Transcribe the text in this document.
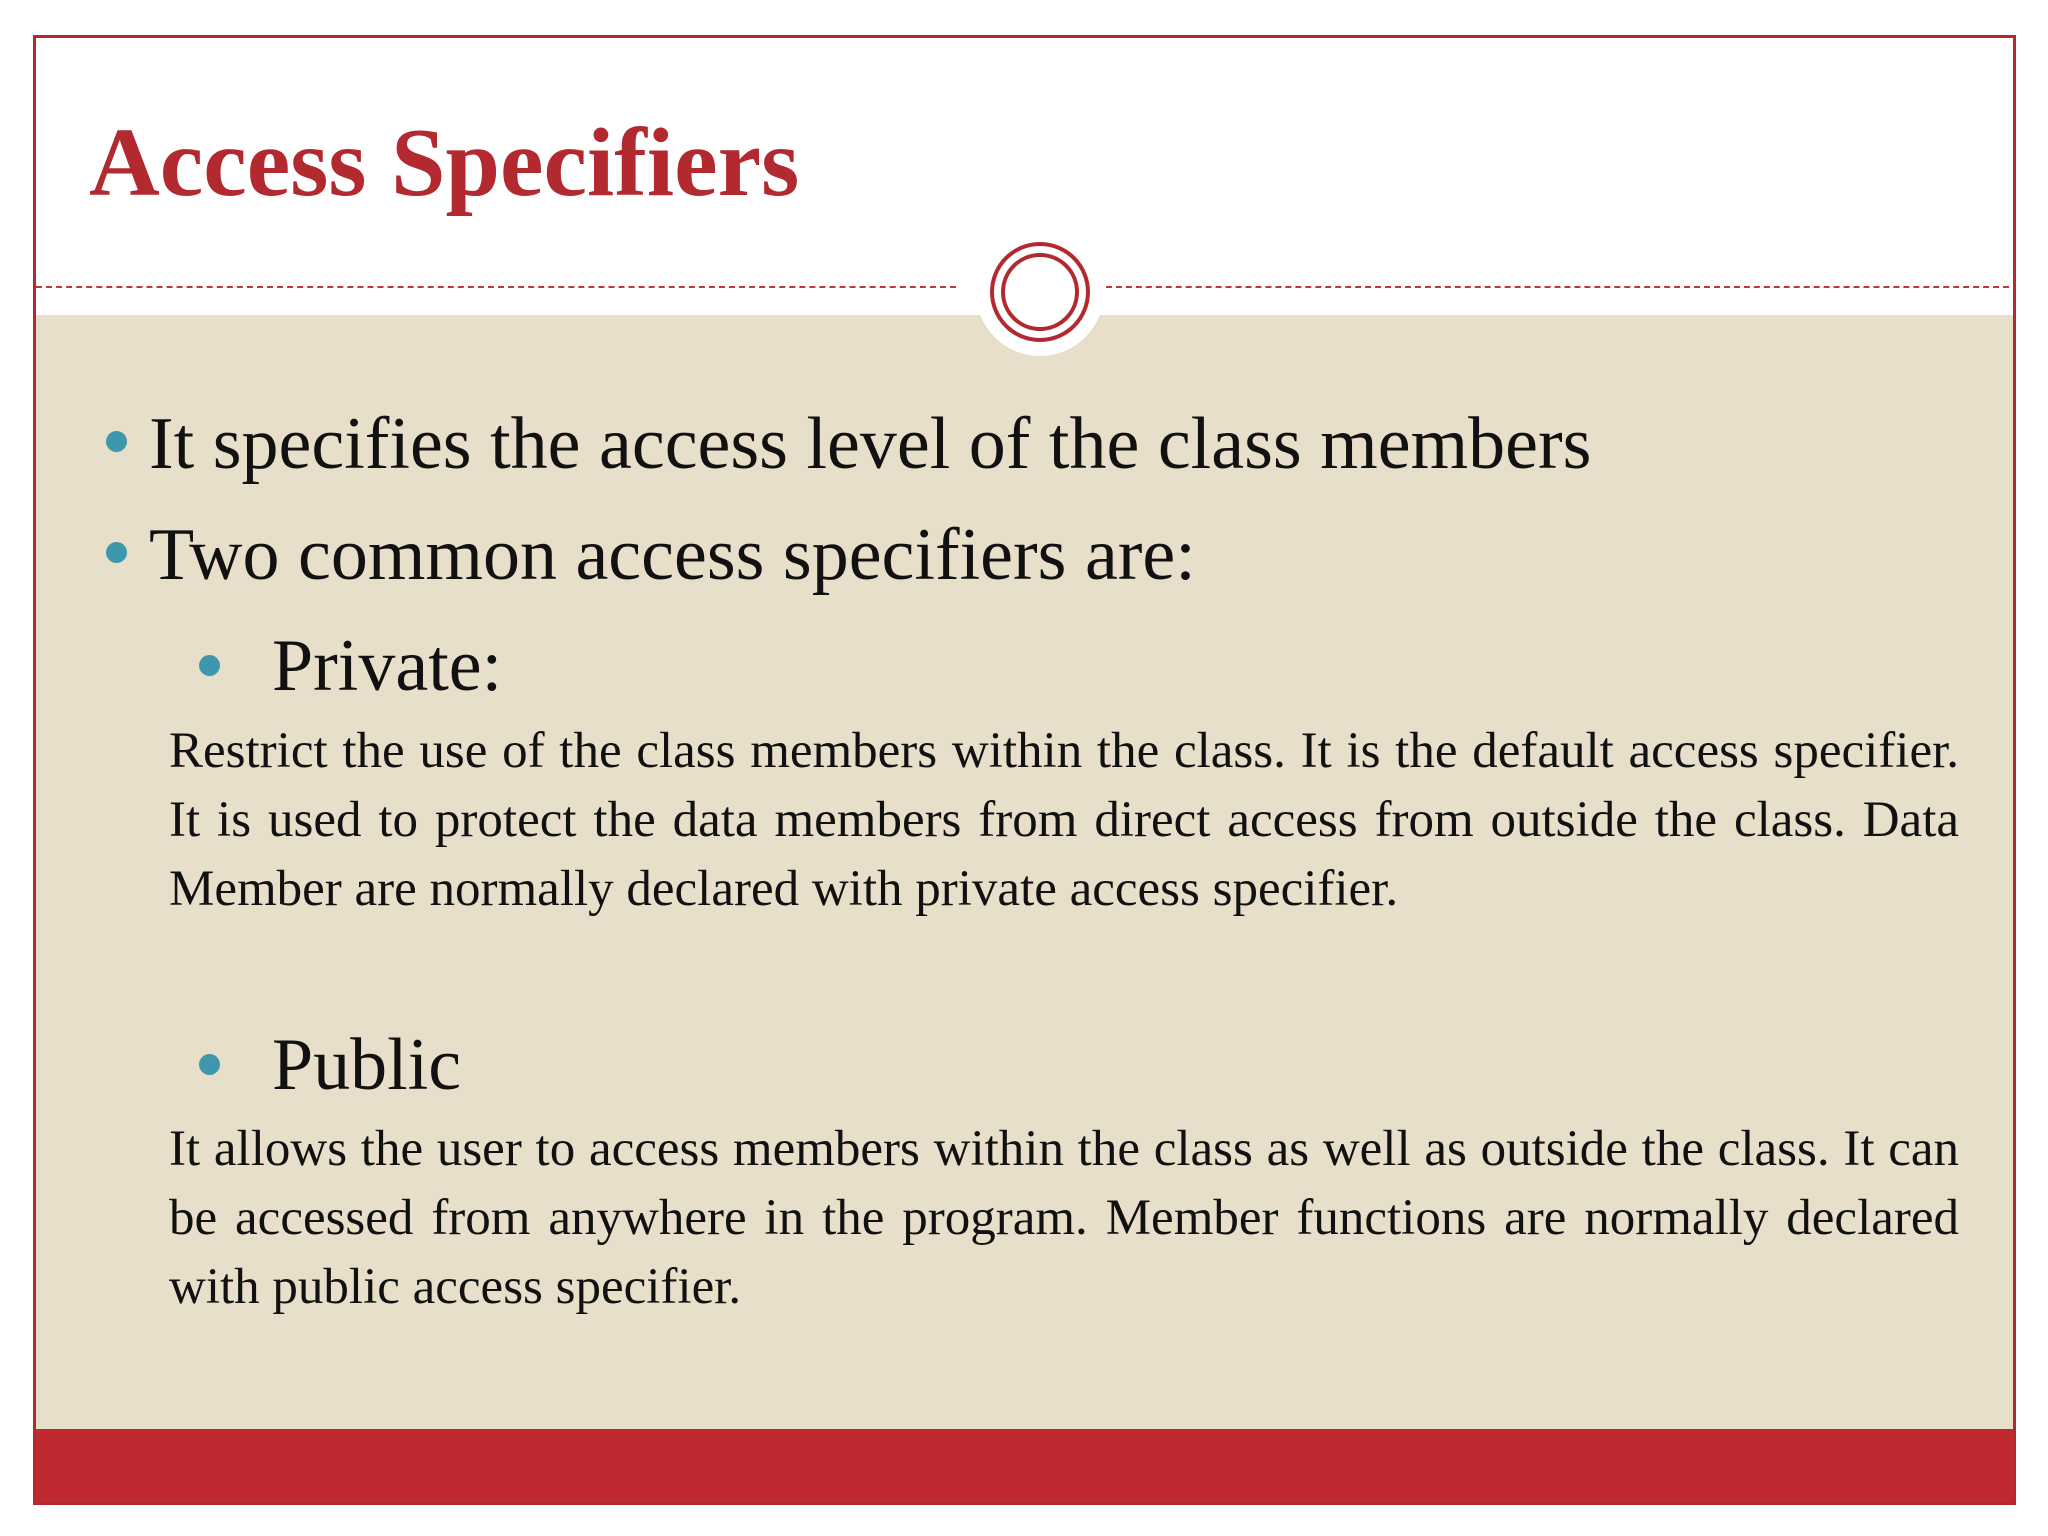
Access Specifiers

It specifies the access level of the class members

Two common access specifiers are:

Private:

Restrict the use of the class members within the class. It is the default access specifier. It is used to protect the data members from direct access from outside the class. Data Member are normally declared with private access specifier.

Public

It allows the user to access members within the class as well as outside the class. It can be accessed from anywhere in the program. Member functions are normally declared with public access specifier.
